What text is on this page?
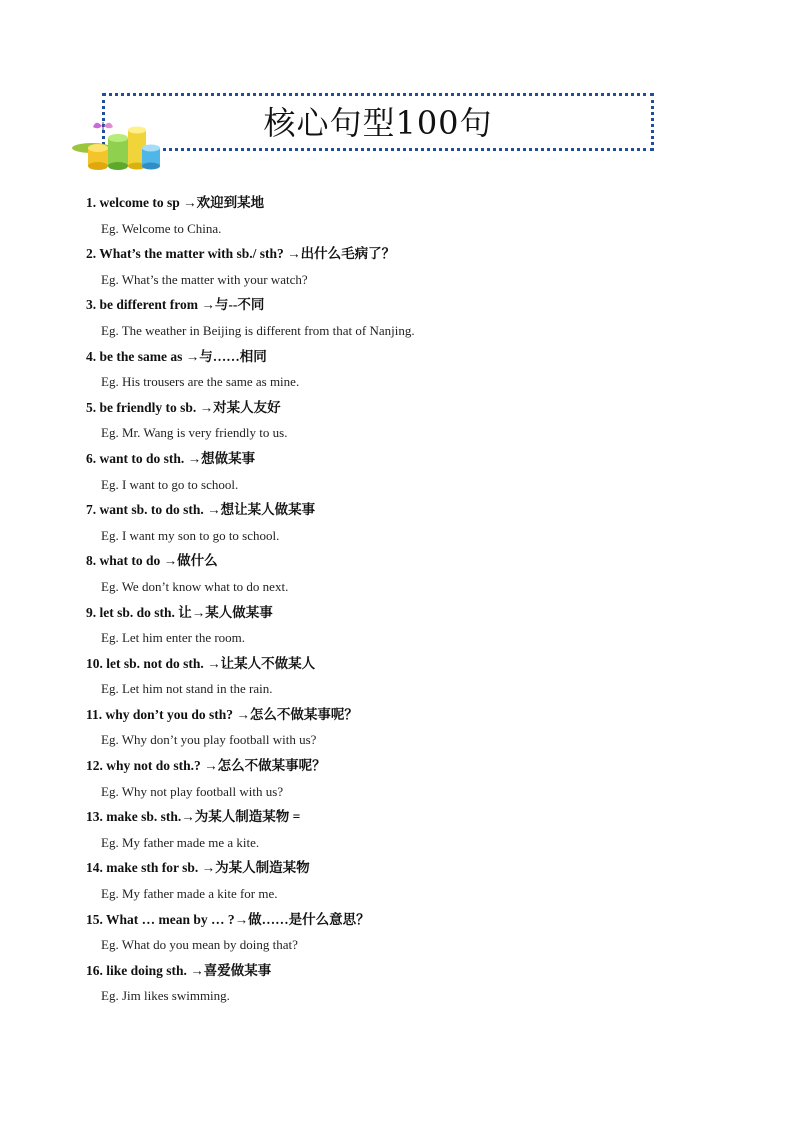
核心句型100句
1. welcome to sp →欢迎到某地
Eg. Welcome to China.
2. What’s the matter with sb./ sth? →出什么毛病了？
Eg. What’s the matter with your watch?
3. be different from →与--不同
Eg. The weather in Beijing is different from that of Nanjing.
4. be the same as →与……相同
Eg. His trousers are the same as mine.
5. be friendly to sb. →对某人友好
Eg. Mr. Wang is very friendly to us.
6. want to do sth. →想做某事
Eg. I want to go to school.
7. want sb. to do sth. →想让某人做某事
Eg. I want my son to go to school.
8. what to do →做什么
Eg. We don’t know what to do next.
9. let sb. do sth. 让→某人做某事
Eg. Let him enter the room.
10. let sb. not do sth. →让某人不做某人
Eg. Let him not stand in the rain.
11. why don’t you do sth? →怎么不做某事呢？
Eg. Why don’t you play football with us?
12. why not do sth.? →怎么不做某事呢？
Eg. Why not play football with us?
13. make sb. sth.→为某人制造某物 =
Eg. My father made me a kite.
14. make sth for sb. →为某人制造某物
Eg. My father made a kite for me.
15. What … mean by … ?→做……是什么意思？
Eg. What do you mean by doing that?
16. like doing sth. →喜爱做某事
Eg. Jim likes swimming.
